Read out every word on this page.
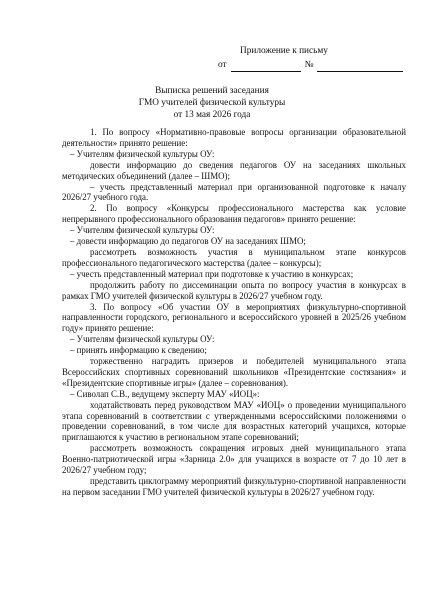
Приложение к письму
от	№
Выписка решений заседания
ГМО учителей физической культуры
от 13 мая 2026 года

1. По вопросу «Нормативно-правовые вопросы организации образовательной деятельности» принято решение:

‒ Учителям физической культуры ОУ:

довести информацию до сведения педагогов ОУ на заседаниях школьных методических объединений (далее – ШМО);

‒ учесть представленный материал при организованной подготовке к началу 2026/27 учебного года.

2. По вопросу «Конкурсы профессионального мастерства как условие непрерывного профессионального образования педагогов» принято решение:

‒ Учителям физической культуры ОУ:

‒ довести информацию до педагогов ОУ на заседаниях ШМО;

рассмотреть возможность участия в муниципальном этапе конкурсов профессионального педагогического мастерства (далее – конкурсы);

‒ учесть представленный материал при подготовке к участию в конкурсах;

продолжить работу по диссеминации опыта по вопросу участия в конкурсах в рамках ГМО учителей физической культуры в 2026/27 учебном году.

3. По вопросу «Об участии ОУ в мероприятиях физкультурно-спортивной направленности городского, регионального и всероссийского уровней в 2025/26 учебном году» принято решение:

‒ Учителям физической культуры ОУ:

‒ принять информацию к сведению;

торжественно наградить призеров и победителей муниципального этапа Всероссийских спортивных соревнований школьников «Президентские состязания» и «Президентские спортивные игры» (далее – соревнования).

‒ Сиволап С.В., ведущему эксперту МАУ «ИОЦ»:

ходатайствовать перед руководством МАУ «ИОЦ» о проведении муниципального этапа соревнований в соответствии с утвержденными всероссийскими положениями о проведении соревнований, в том числе для возрастных категорий учащихся, которые приглашаются к участию в региональном этапе соревнований;

рассмотреть возможность сокращения игровых дней муниципального этапа Военно-патриотической игры «Зарница 2.0» для учащихся в возрасте от 7 до 10 лет в 2026/27 учебном году;

представить циклограмму мероприятий физкультурно-спортивной направленности на первом заседании ГМО учителей физической культуры в 2026/27 учебном году.
